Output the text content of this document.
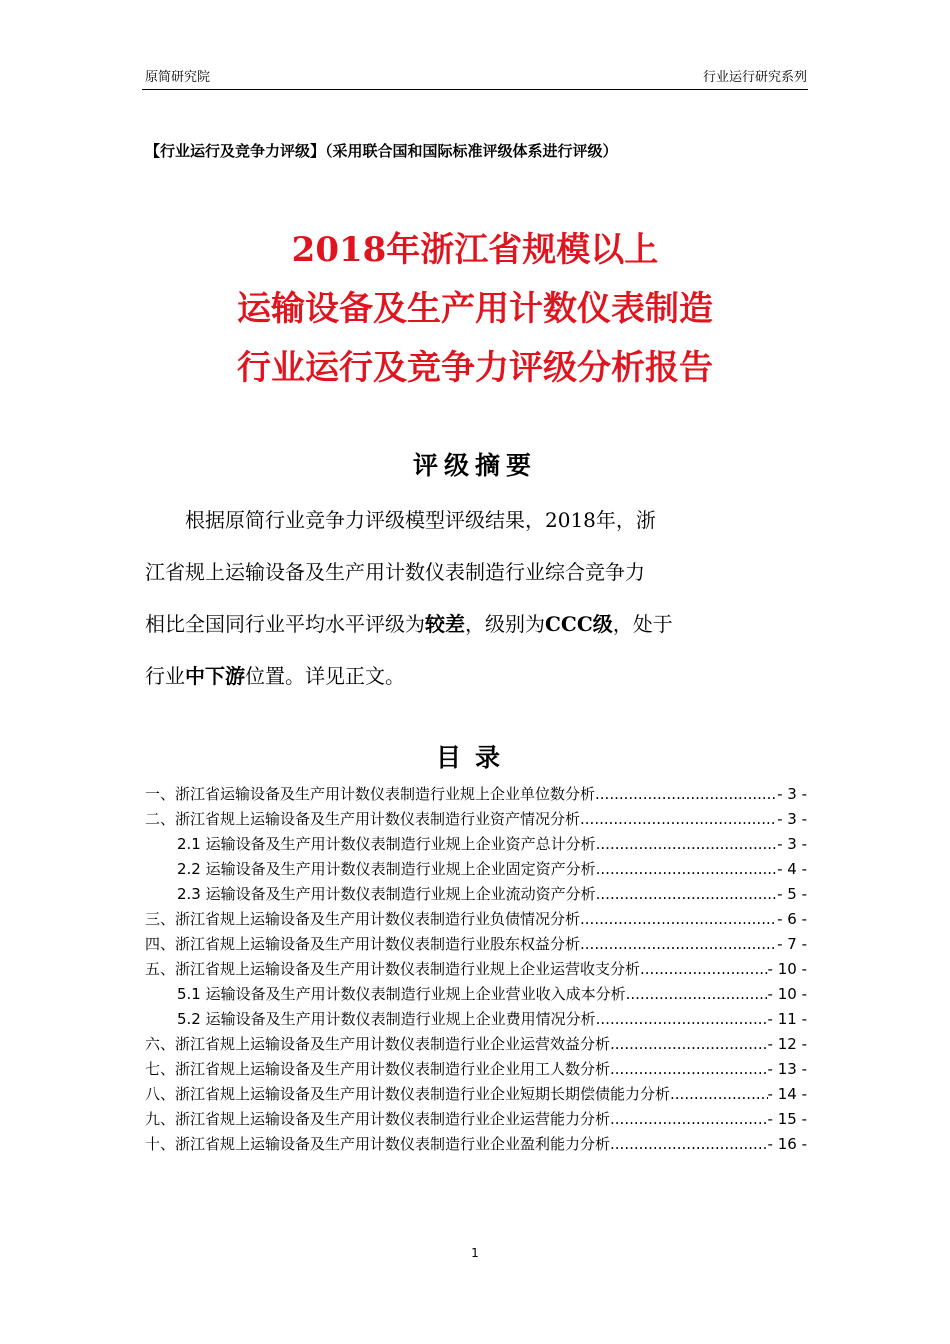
原简研究院	行业运行研究系列
【行业运行及竞争力评级】（采用联合国和国际标准评级体系进行评级）
2018年浙江省规模以上
运输设备及生产用计数仪表制造
行业运行及竞争力评级分析报告
评级摘要

根据原简行业竞争力评级模型评级结果，2018年，浙

江省规上运输设备及生产用计数仪表制造行业综合竞争力

相比全国同行业平均水平评级为较差，级别为CCC级，处于

行业中下游位置。详见正文。

目录
一、浙江省运输设备及生产用计数仪表制造行业规上企业单位数分析 .....	- 3 -
二、浙江省规上运输设备及生产用计数仪表制造行业资产情况分析 .....	- 3 -
2.1 运输设备及生产用计数仪表制造行业规上企业资产总计分析 .....	- 3 -
2.2 运输设备及生产用计数仪表制造行业规上企业固定资产分析 .....	- 4 -
2.3 运输设备及生产用计数仪表制造行业规上企业流动资产分析 .....	- 5 -
三、浙江省规上运输设备及生产用计数仪表制造行业负债情况分析 .....	- 6 -
四、浙江省规上运输设备及生产用计数仪表制造行业股东权益分析 .....	- 7 -
五、浙江省规上运输设备及生产用计数仪表制造行业规上企业运营收支分析 .....	- 10 -
5.1 运输设备及生产用计数仪表制造行业规上企业营业收入成本分析 .....	- 10 -
5.2 运输设备及生产用计数仪表制造行业规上企业费用情况分析 .....	- 11 -
六、浙江省规上运输设备及生产用计数仪表制造行业企业运营效益分析 .....	- 12 -
七、浙江省规上运输设备及生产用计数仪表制造行业企业用工人数分析 .....	- 13 -
八、浙江省规上运输设备及生产用计数仪表制造行业企业短期长期偿债能力分析 .....	- 14 -
九、浙江省规上运输设备及生产用计数仪表制造行业企业运营能力分析 .....	- 15 -
十、浙江省规上运输设备及生产用计数仪表制造行业企业盈利能力分析 .....	- 16 -
1
